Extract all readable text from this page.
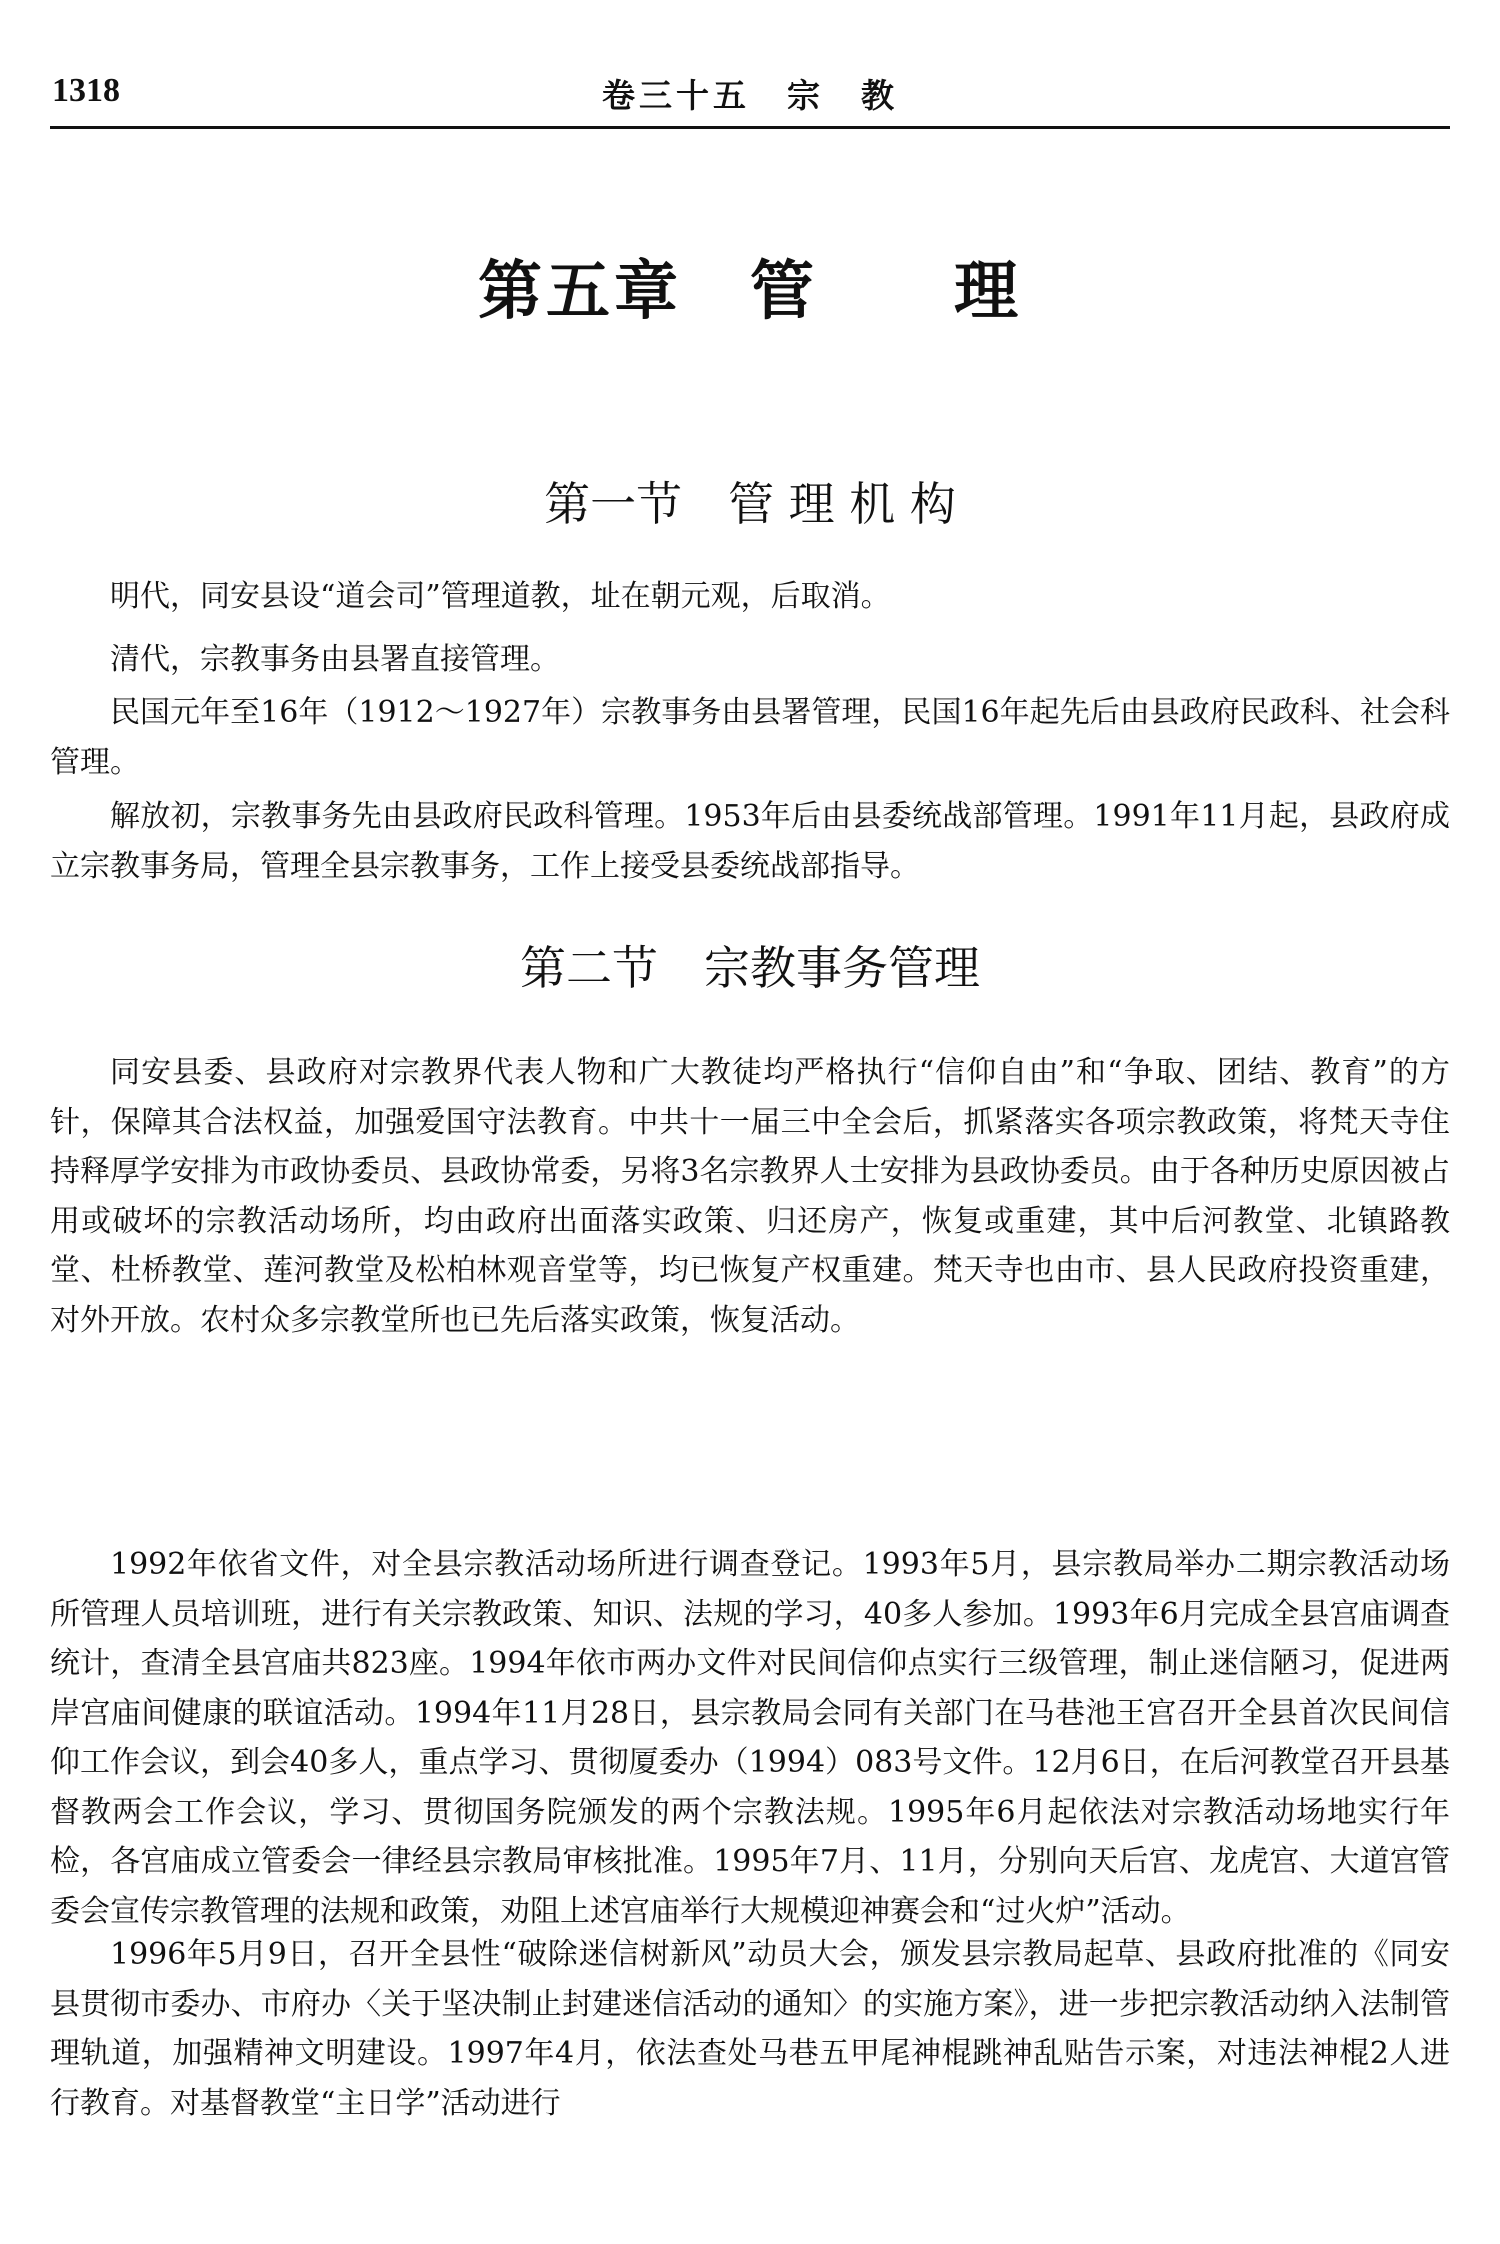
1318	卷三十五　宗　教
第五章　管　　理
第一节　管 理 机 构

明代，同安县设“道会司”管理道教，址在朝元观，后取消。

清代，宗教事务由县署直接管理。

民国元年至16年（1912～1927年）宗教事务由县署管理，民国16年起先后由县政府民政科、社会科管理。

解放初，宗教事务先由县政府民政科管理。1953年后由县委统战部管理。1991年11月起，县政府成立宗教事务局，管理全县宗教事务，工作上接受县委统战部指导。

第二节　宗教事务管理

同安县委、县政府对宗教界代表人物和广大教徒均严格执行“信仰自由”和“争取、团结、教育”的方针，保障其合法权益，加强爱国守法教育。中共十一届三中全会后，抓紧落实各项宗教政策，将梵天寺住持释厚学安排为市政协委员、县政协常委，另将3名宗教界人士安排为县政协委员。由于各种历史原因被占用或破坏的宗教活动场所，均由政府出面落实政策、归还房产，恢复或重建，其中后河教堂、北镇路教堂、杜桥教堂、莲河教堂及松柏林观音堂等，均已恢复产权重建。梵天寺也由市、县人民政府投资重建，对外开放。农村众多宗教堂所也已先后落实政策，恢复活动。

1992年依省文件，对全县宗教活动场所进行调查登记。1993年5月，县宗教局举办二期宗教活动场所管理人员培训班，进行有关宗教政策、知识、法规的学习，40多人参加。1993年6月完成全县宫庙调查统计，查清全县宫庙共823座。1994年依市两办文件对民间信仰点实行三级管理，制止迷信陋习，促进两岸宫庙间健康的联谊活动。1994年11月28日，县宗教局会同有关部门在马巷池王宫召开全县首次民间信仰工作会议，到会40多人，重点学习、贯彻厦委办（1994）083号文件。12月6日，在后河教堂召开县基督教两会工作会议，学习、贯彻国务院颁发的两个宗教法规。1995年6月起依法对宗教活动场地实行年检，各宫庙成立管委会一律经县宗教局审核批准。1995年7月、11月，分别向天后宫、龙虎宫、大道宫管委会宣传宗教管理的法规和政策，劝阻上述宫庙举行大规模迎神赛会和“过火炉”活动。

1996年5月9日，召开全县性“破除迷信树新风”动员大会，颁发县宗教局起草、县政府批准的《同安县贯彻市委办、市府办〈关于坚决制止封建迷信活动的通知〉的实施方案》，进一步把宗教活动纳入法制管理轨道，加强精神文明建设。1997年4月，依法查处马巷五甲尾神棍跳神乱贴告示案，对违法神棍2人进行教育。对基督教堂“主日学”活动进行
